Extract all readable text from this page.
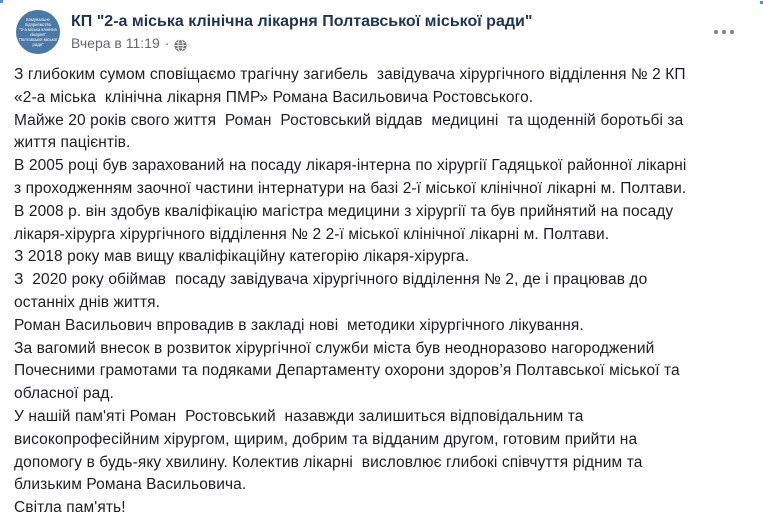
Комунальне
підприємство
"2-а міська клінічна
лікарня"
Полтавської міської
ради"
КП "2-а міська клінічна лікарня Полтавської міської ради"
Вчера в 11:19 ·
З глибоким сумом сповіщаємо трагічну загибель  завідувача хірургічного відділення № 2 КП
«2-а міська  клінічна лікарня ПМР» Романа Васильовича Ростовського.
Майже 20 років свого життя  Роман  Ростовський віддав  медицині  та щоденній боротьбі за
життя пацієнтів.
В 2005 році був зарахований на посаду лікаря-інтерна по хірургії Гадяцької районної лікарні
з проходженням заочної частини інтернатури на базі 2-ї міської клінічної лікарні м. Полтави.
В 2008 р. він здобув кваліфікацію магістра медицини з хірургії та був прийнятий на посаду
лікаря-хірурга хірургічного відділення № 2 2-ї міської клінічної лікарні м. Полтави.
З 2018 року мав вищу кваліфікаційну категорію лікаря-хірурга.
З  2020 року обіймав  посаду завідувача хірургічного відділення № 2, де і працював до
останніх днів життя.
Роман Васильович впровадив в закладі нові  методики хірургічного лікування.
За вагомий внесок в розвиток хірургічної служби міста був неодноразово нагороджений
Почесними грамотами та подяками Департаменту охорони здоров’я Полтавської міської та
обласної рад.
У нашій пам'яті Роман  Ростовський  назавжди залишиться відповідальним та
високопрофесійним хірургом, щирим, добрим та відданим другом, готовим прийти на
допомогу в будь-яку хвилину. Колектив лікарні  висловлює глибокі співчуття рідним та
близьким Романа Васильовича.
Світла пам'ять!
